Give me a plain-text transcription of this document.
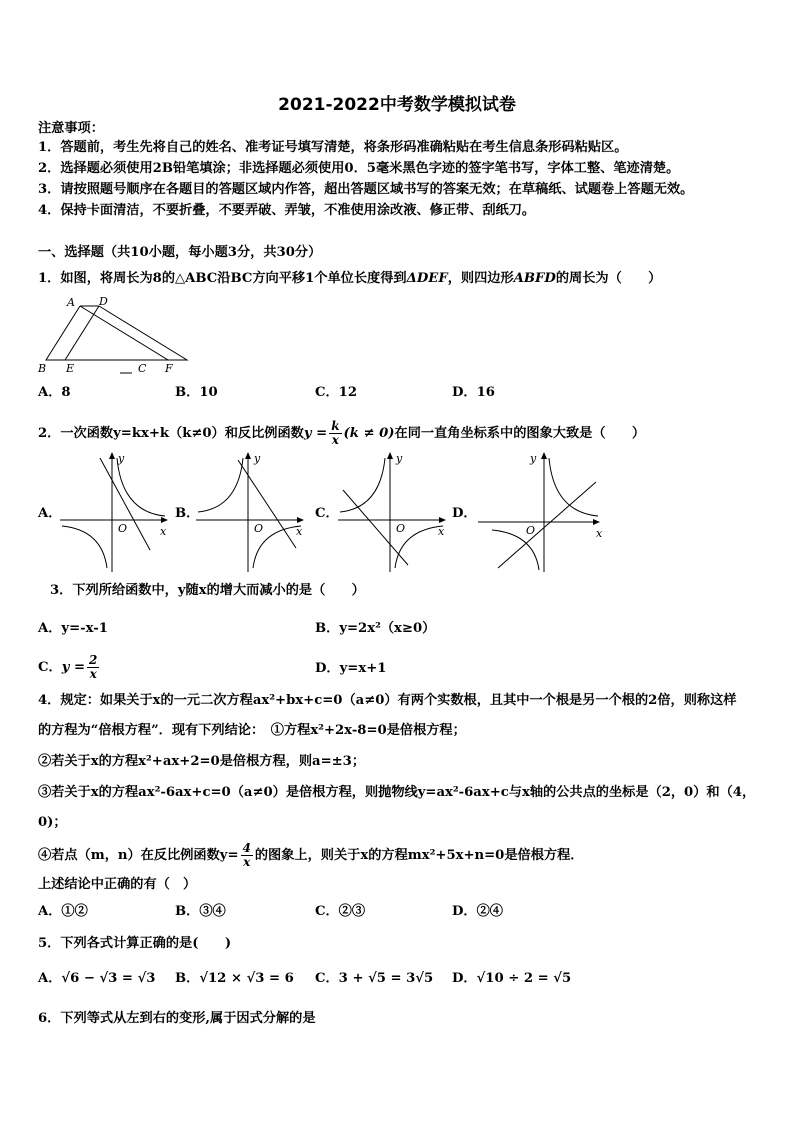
2021-2022中考数学模拟试卷
注意事项：
1．答题前，考生先将自己的姓名、准考证号填写清楚，将条形码准确粘贴在考生信息条形码粘贴区。
2．选择题必须使用2B铅笔填涂；非选择题必须使用0．5毫米黑色字迹的签字笔书写，字体工整、笔迹清楚。
3．请按照题号顺序在各题目的答题区域内作答，超出答题区域书写的答案无效；在草稿纸、试题卷上答题无效。
4．保持卡面清洁，不要折叠，不要弄破、弄皱，不准使用涂改液、修正带、刮纸刀。
一、选择题（共10小题，每小题3分，共30分）
1．如图，将周长为8的△ABC沿BC方向平移1个单位长度得到ΔDEF，则四边形ABFD的周长为（　　）
A D
B E	C F
A．8	B．10	C．12	D．16
2．一次函数y=kx+k（k≠0）和反比例函数$y = \frac{k}{x} (k \ne 0)$在同一直角坐标系中的图象大致是（　　）
A．	B．	C．	D．
y
O	x
y
O	x
y
O	x
y
O	x
3．下列所给函数中，y随x的增大而减小的是（　　）
A．y=-x-1	B．y=2x²（x≥0）
C．$y = \frac{2}{x}$	D．y=x+1
4．规定：如果关于x的一元二次方程ax²+bx+c=0（a≠0）有两个实数根，且其中一个根是另一个根的2倍，则称这样
的方程为“倍根方程”．现有下列结论：　①方程x²+2x-8=0是倍根方程；
②若关于x的方程x²+ax+2=0是倍根方程，则a=±3；
③若关于x的方程ax²-6ax+c=0（a≠0）是倍根方程，则抛物线y=ax²-6ax+c与x轴的公共点的坐标是（2，0）和（4，
0)；
④若点（m，n）在反比例函数$y= \frac{4}{x}$ 的图象上，则关于x的方程mx²+5x+n=0是倍根方程．
上述结论中正确的有（　）
A．①②	B．③④	C．②③	D．②④
5．下列各式计算正确的是(　　)
A．√6 − √3 = √3 B．√12 × √3 = 6 C．3 + √5 = 3√5 D．√10 ÷ 2 = √5
6．下列等式从左到右的变形,属于因式分解的是
